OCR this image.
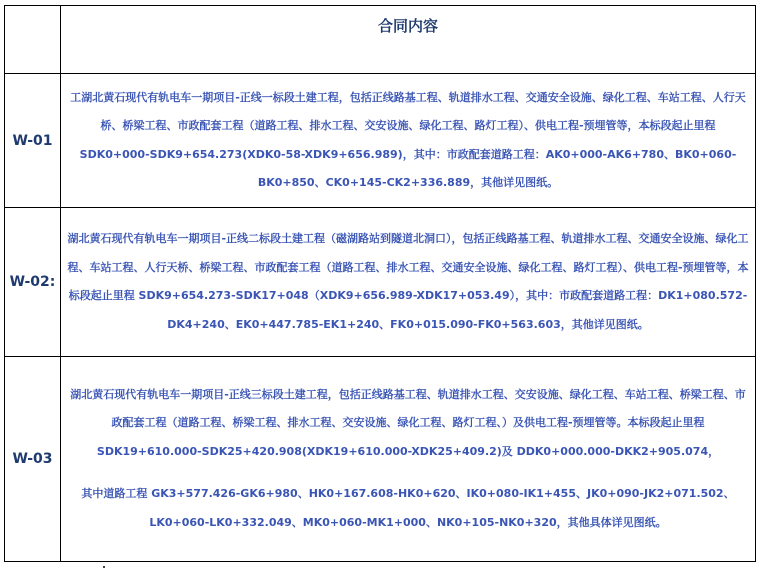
	合同内容

W-01	工湖北黄石现代有轨电车一期项目-正线一标段土建工程，包括正线路基工程、轨道排水工程、交通安全设施、绿化工程、车站工程、人行天桥、桥梁工程、市政配套工程（道路工程、排水工程、交安设施、绿化工程、路灯工程）、供电工程-预埋管等，本标段起止里程 SDK0+000-SDK9+654.273(XDK0-58-XDK9+656.989)，其中：市政配套道路工程：AK0+000-AK6+780、BK0+060-BK0+850、CK0+145-CK2+336.889，其他详见图纸。
W-02:	湖北黄石现代有轨电车一期项目-正线二标段土建工程（磁湖路站到隧道北洞口），包括正线路基工程、轨道排水工程、交通安全设施、绿化工程、车站工程、人行天桥、桥梁工程、市政配套工程（道路工程、排水工程、交通安全设施、绿化工程、路灯工程）、供电工程-预埋管等，本标段起止里程 SDK9+654.273-SDK17+048（XDK9+656.989-XDK17+053.49），其中：市政配套道路工程：DK1+080.572-DK4+240、EK0+447.785-EK1+240、FK0+015.090-FK0+563.603，其他详见图纸。
W-03	湖北黄石现代有轨电车一期项目-正线三标段土建工程，包括正线路基工程、轨道排水工程、交安设施、绿化工程、车站工程、桥梁工程、市政配套工程（道路工程、桥梁工程、排水工程、交安设施、绿化工程、路灯工程、）及供电工程-预埋管等。本标段起止里程 SDK19+610.000-SDK25+420.908(XDK19+610.000-XDK25+409.2)及 DDK0+000.000-DKK2+905.074，
其中道路工程 GK3+577.426-GK6+980、HK0+167.608-HK0+620、IK0+080-IK1+455、JK0+090-JK2+071.502、LK0+060-LK0+332.049、MK0+060-MK1+000、NK0+105-NK0+320，其他具体详见图纸。
